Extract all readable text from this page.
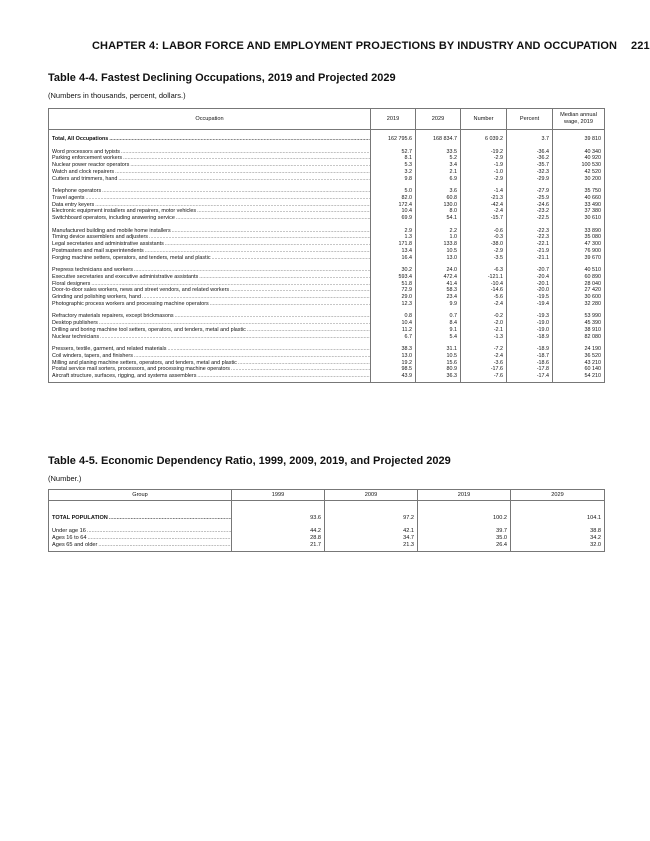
CHAPTER 4: LABOR FORCE AND EMPLOYMENT PROJECTIONS BY INDUSTRY AND OCCUPATION 221
Table 4-4. Fastest Declining Occupations, 2019 and Projected 2029
(Numbers in thousands, percent, dollars.)
Occupation	2019	2029	Number	Percent	Median annual wage, 2019

Total, All Occupations .....	162 795.6	168 834.7	6 039.2	3.7	39 810

Word processors and typists .....	52.7	33.5	-19.2	-36.4	40 340
Parking enforcement workers .....	8.1	5.2	-2.9	-36.2	40 920
Nuclear power reactor operators .....	5.3	3.4	-1.9	-35.7	100 530
Watch and clock repairers .....	3.2	2.1	-1.0	-32.3	42 520
Cutters and trimmers, hand .....	9.8	6.9	-2.9	-29.9	30 200

Telephone operators .....	5.0	3.6	-1.4	-27.9	35 750
Travel agents .....	82.0	60.8	-21.3	-25.9	40 660
Data entry keyers .....	172.4	130.0	-42.4	-24.6	33 490
Electronic equipment installers and repairers, motor vehicles .....	10.4	8.0	-2.4	-23.2	37 380
Switchboard operators, including answering service .....	69.9	54.1	-15.7	-22.5	30 610

Manufactured building and mobile home installers .....	2.9	2.2	-0.6	-22.3	33 890
Timing device assemblers and adjusters .....	1.3	1.0	-0.3	-22.3	35 080
Legal secretaries and administrative assistants .....	171.8	133.8	-38.0	-22.1	47 300
Postmasters and mail superintendents .....	13.4	10.5	-2.9	-21.9	76 900
Forging machine setters, operators, and tenders, metal and plastic .....	16.4	13.0	-3.5	-21.1	39 670

Prepress technicians and workers .....	30.2	24.0	-6.3	-20.7	40 510
Executive secretaries and executive administrative assistants .....	593.4	472.4	-121.1	-20.4	60 890
Floral designers .....	51.8	41.4	-10.4	-20.1	28 040
Door-to-door sales workers, news and street vendors, and related workers .....	72.9	58.3	-14.6	-20.0	27 420
Grinding and polishing workers, hand .....	29.0	23.4	-5.6	-19.5	30 600
Photographic process workers and processing machine operators .....	12.3	9.9	-2.4	-19.4	32 280

Refractory materials repairers, except brickmasons .....	0.8	0.7	-0.2	-19.3	53 990
Desktop publishers .....	10.4	8.4	-2.0	-19.0	45 390
Drilling and boring machine tool setters, operators, and tenders, metal and plastic .....	11.2	9.1	-2.1	-19.0	38 910
Nuclear technicians .....	6.7	5.4	-1.3	-18.9	82 080

Pressers, textile, garment, and related materials .....	38.3	31.1	-7.2	-18.9	24 190
Coil winders, tapers, and finishers .....	13.0	10.5	-2.4	-18.7	36 520
Milling and planing machine setters, operators, and tenders, metal and plastic .....	19.2	15.6	-3.6	-18.6	43 210
Postal service mail sorters, processors, and processing machine operators .....	98.5	80.9	-17.6	-17.8	60 140
Aircraft structure, surfaces, rigging, and systems assemblers .....	43.9	36.3	-7.6	-17.4	54 210
Table 4-5. Economic Dependency Ratio, 1999, 2009, 2019, and Projected 2029
(Number.)
Group	1999	2009	2019	2029

TOTAL POPULATION .....	93.6	97.2	100.2	104.1

Under age 16 .....	44.2	42.1	39.7	38.8
Ages 16 to 64 .....	28.8	34.7	35.0	34.2
Ages 65 and older .....	21.7	21.3	26.4	32.0
